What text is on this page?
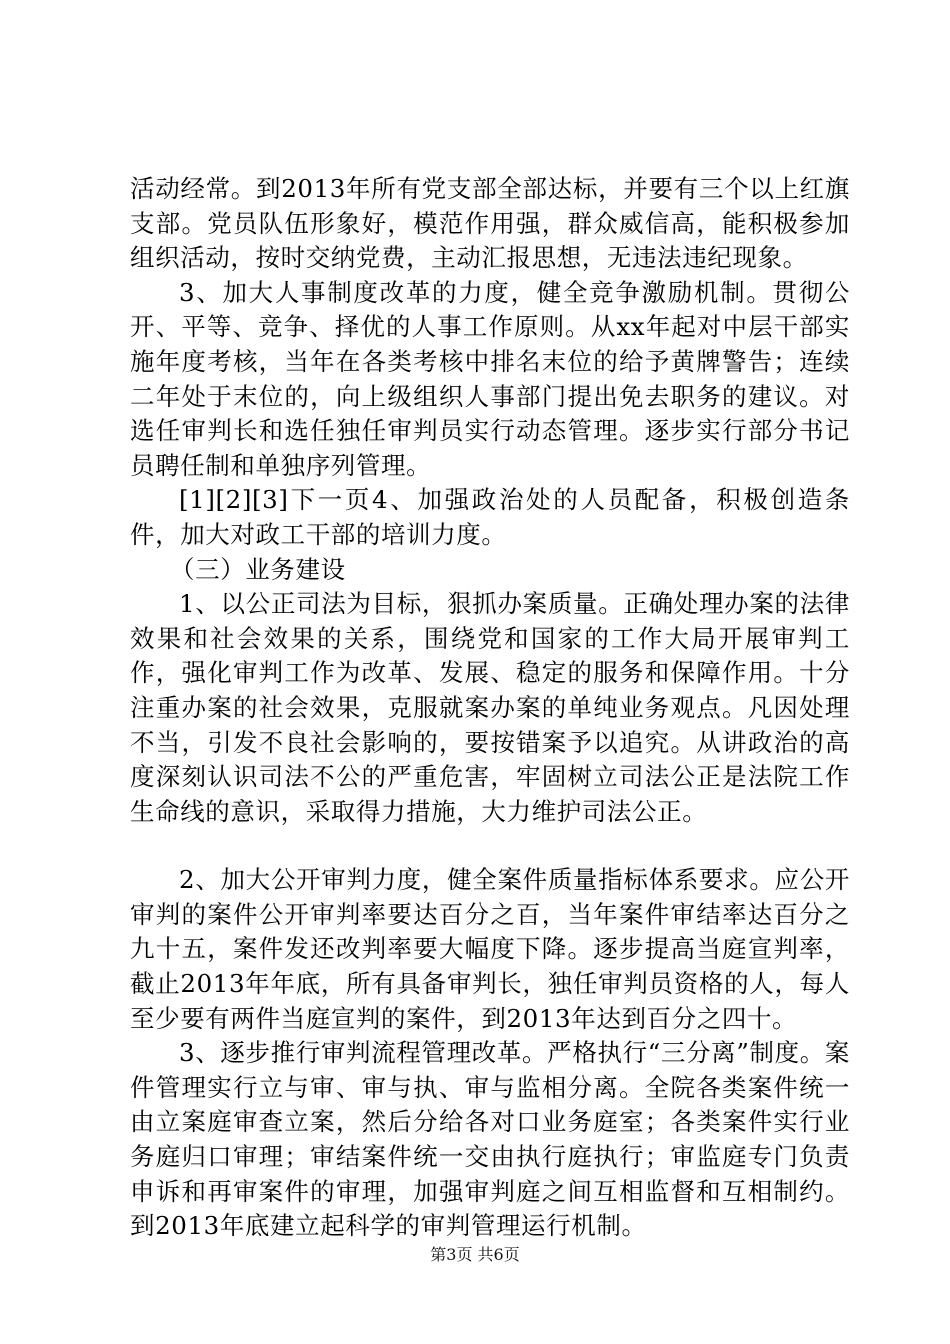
活动经常。到2013年所有党支部全部达标，并要有三个以上红旗支部。党员队伍形象好，模范作用强，群众威信高，能积极参加组织活动，按时交纳党费，主动汇报思想，无违法违纪现象。

3、加大人事制度改革的力度，健全竞争激励机制。贯彻公开、平等、竞争、择优的人事工作原则。从xx年起对中层干部实施年度考核，当年在各类考核中排名末位的给予黄牌警告；连续二年处于末位的，向上级组织人事部门提出免去职务的建议。对选任审判长和选任独任审判员实行动态管理。逐步实行部分书记员聘任制和单独序列管理。

[1][2][3]下一页4、加强政治处的人员配备，积极创造条件，加大对政工干部的培训力度。

（三）业务建设

1、以公正司法为目标，狠抓办案质量。正确处理办案的法律效果和社会效果的关系，围绕党和国家的工作大局开展审判工作，强化审判工作为改革、发展、稳定的服务和保障作用。十分注重办案的社会效果，克服就案办案的单纯业务观点。凡因处理不当，引发不良社会影响的，要按错案予以追究。从讲政治的高度深刻认识司法不公的严重危害，牢固树立司法公正是法院工作生命线的意识，采取得力措施，大力维护司法公正。

2、加大公开审判力度，健全案件质量指标体系要求。应公开审判的案件公开审判率要达百分之百，当年案件审结率达百分之九十五，案件发还改判率要大幅度下降。逐步提高当庭宣判率，截止2013年年底，所有具备审判长，独任审判员资格的人，每人至少要有两件当庭宣判的案件，到2013年达到百分之四十。

3、逐步推行审判流程管理改革。严格执行“三分离”制度。案件管理实行立与审、审与执、审与监相分离。全院各类案件统一由立案庭审查立案，然后分给各对口业务庭室；各类案件实行业务庭归口审理；审结案件统一交由执行庭执行；审监庭专门负责申诉和再审案件的审理，加强审判庭之间互相监督和互相制约。到2013年底建立起科学的审判管理运行机制。

第3页 共6页
